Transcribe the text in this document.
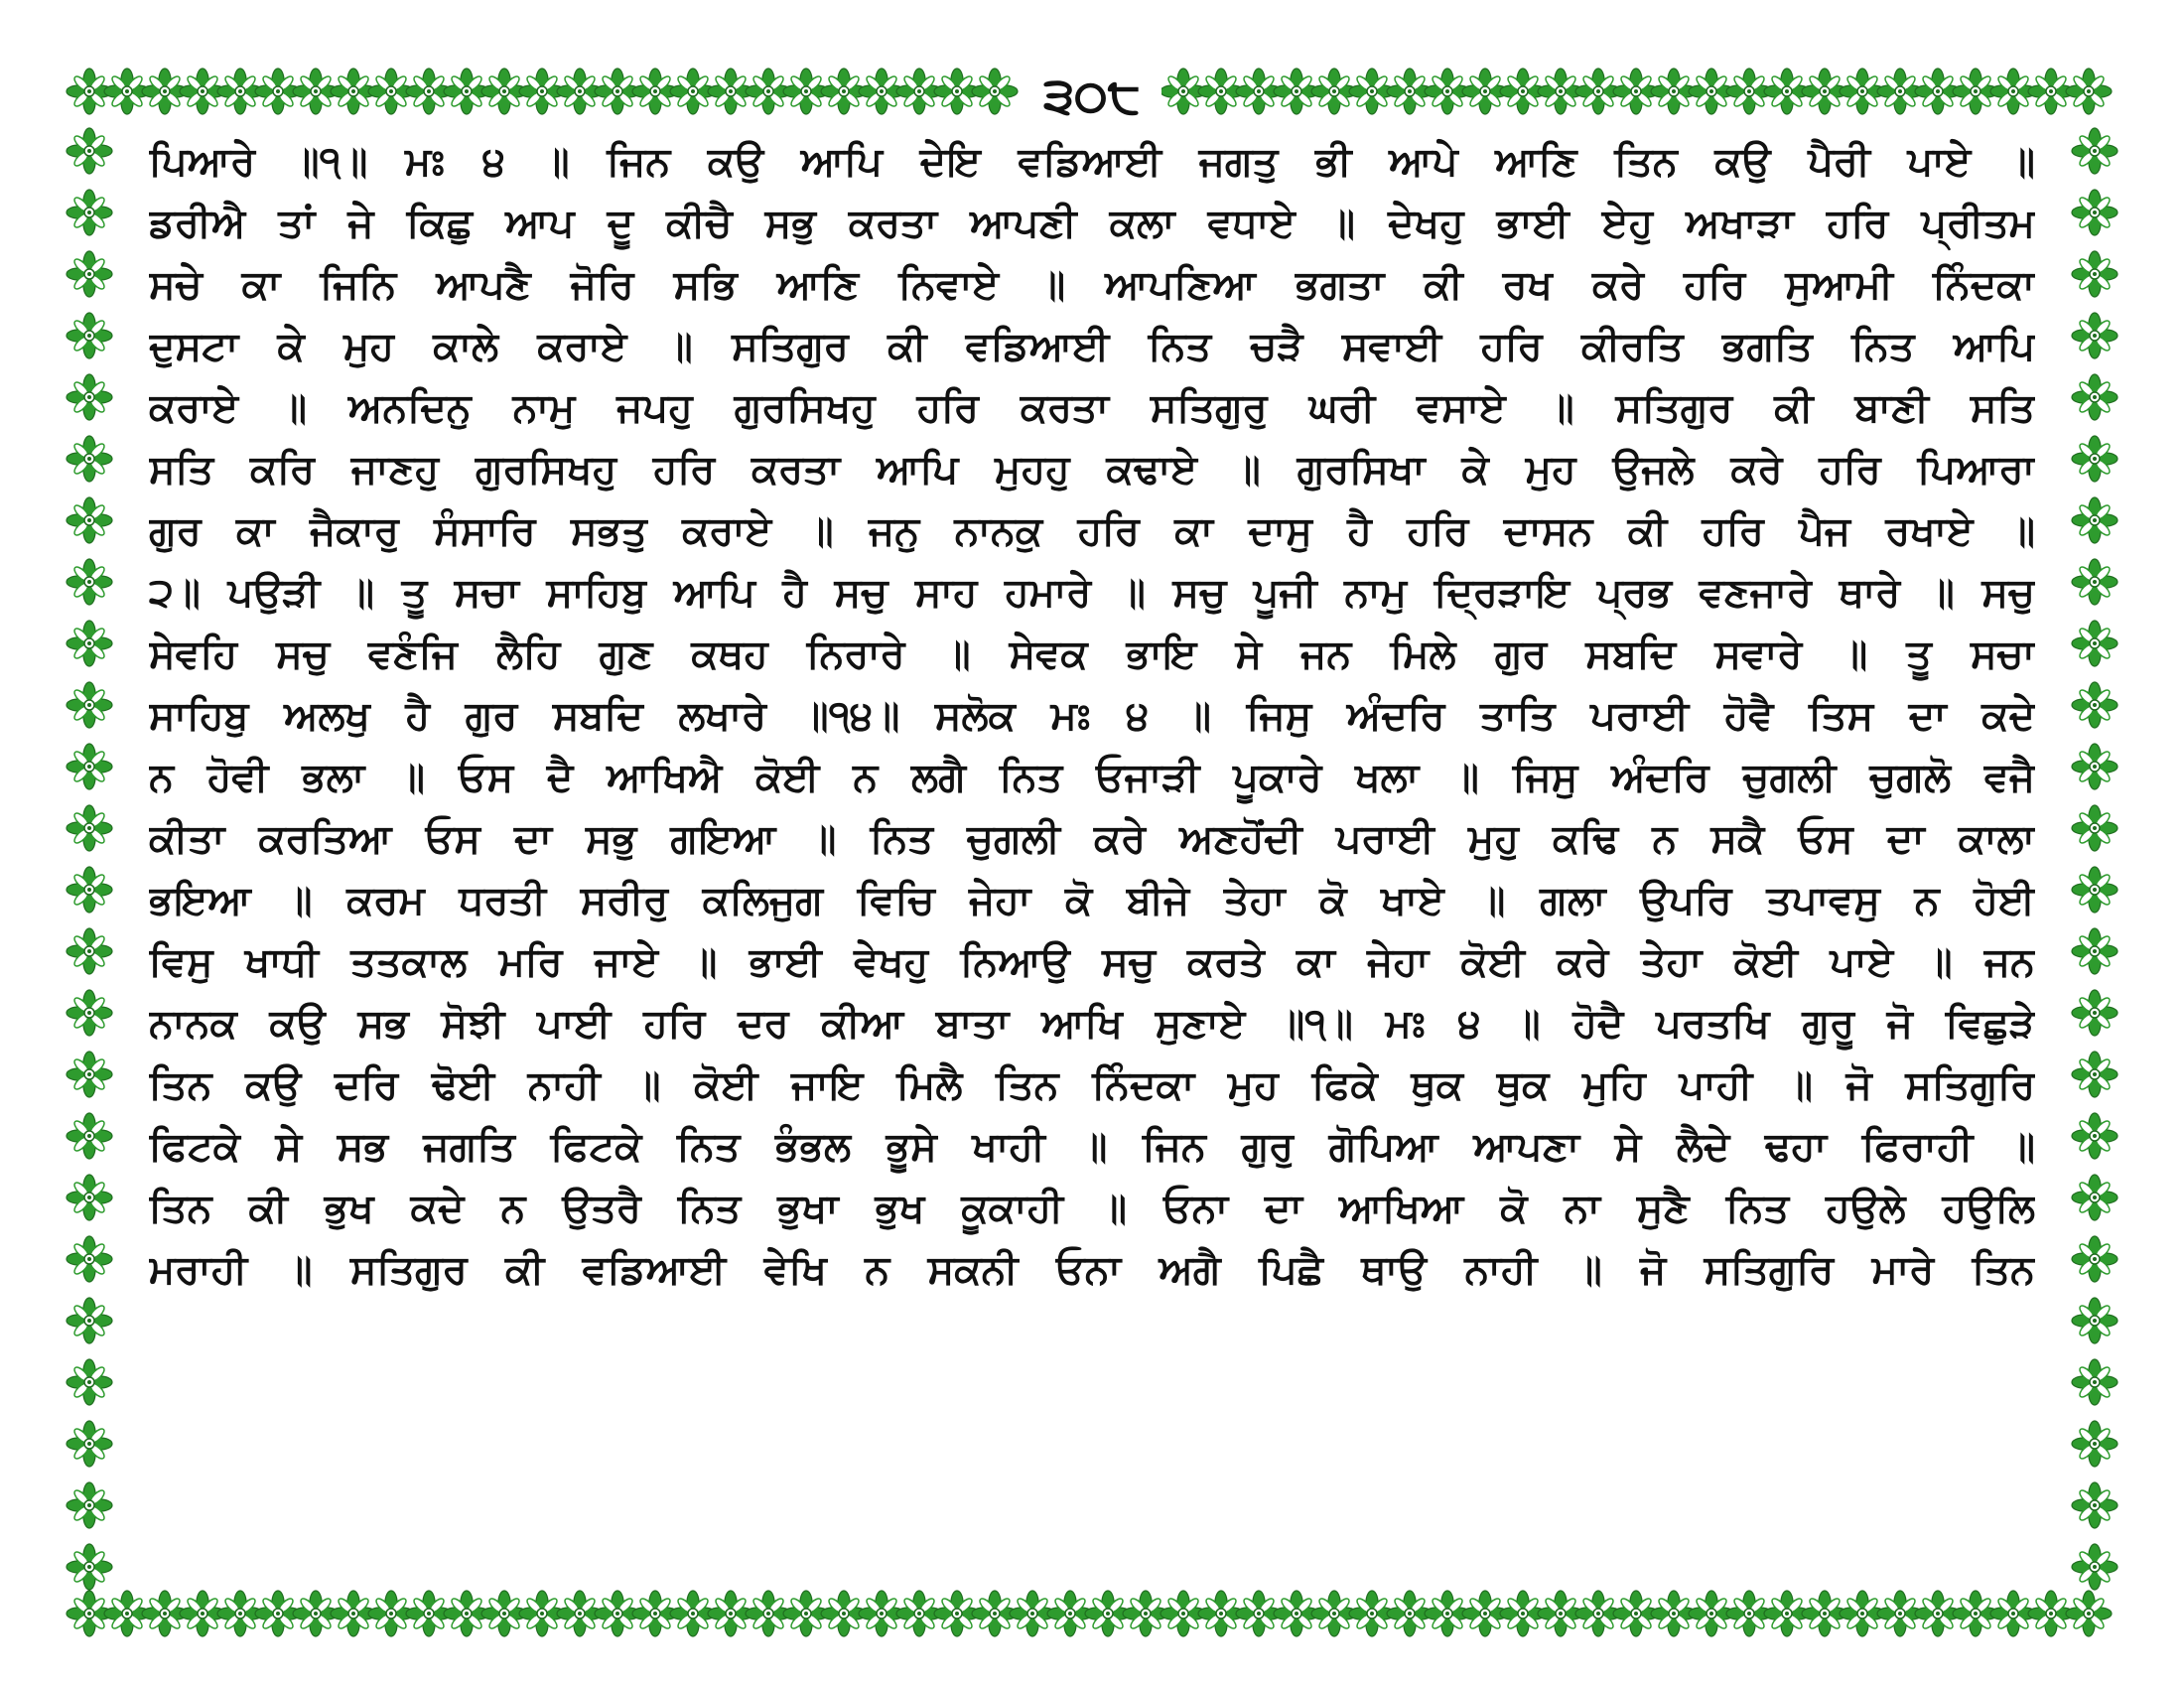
੩੦੮
ਪਿਆਰੇ ॥੧॥ ਮਃ ੪ ॥ ਜਿਨ ਕਉ ਆਪਿ ਦੇਇ ਵਡਿਆਈ ਜਗਤੁ ਭੀ ਆਪੇ ਆਣਿ ਤਿਨ ਕਉ ਪੈਰੀ ਪਾਏ ॥
ਡਰੀਐ ਤਾਂ ਜੇ ਕਿਛੁ ਆਪ ਦੂ ਕੀਚੈ ਸਭੁ ਕਰਤਾ ਆਪਣੀ ਕਲਾ ਵਧਾਏ ॥ ਦੇਖਹੁ ਭਾਈ ਏਹੁ ਅਖਾੜਾ ਹਰਿ ਪ੍ਰੀਤਮ
ਸਚੇ ਕਾ ਜਿਨਿ ਆਪਣੈ ਜੋਰਿ ਸਭਿ ਆਣਿ ਨਿਵਾਏ ॥ ਆਪਣਿਆ ਭਗਤਾ ਕੀ ਰਖ ਕਰੇ ਹਰਿ ਸੁਆਮੀ ਨਿੰਦਕਾ
ਦੁਸਟਾ ਕੇ ਮੁਹ ਕਾਲੇ ਕਰਾਏ ॥ ਸਤਿਗੁਰ ਕੀ ਵਡਿਆਈ ਨਿਤ ਚੜੈ ਸਵਾਈ ਹਰਿ ਕੀਰਤਿ ਭਗਤਿ ਨਿਤ ਆਪਿ
ਕਰਾਏ ॥ ਅਨਦਿਨੁ ਨਾਮੁ ਜਪਹੁ ਗੁਰਸਿਖਹੁ ਹਰਿ ਕਰਤਾ ਸਤਿਗੁਰੁ ਘਰੀ ਵਸਾਏ ॥ ਸਤਿਗੁਰ ਕੀ ਬਾਣੀ ਸਤਿ
ਸਤਿ ਕਰਿ ਜਾਣਹੁ ਗੁਰਸਿਖਹੁ ਹਰਿ ਕਰਤਾ ਆਪਿ ਮੁਹਹੁ ਕਢਾਏ ॥ ਗੁਰਸਿਖਾ ਕੇ ਮੁਹ ਉਜਲੇ ਕਰੇ ਹਰਿ ਪਿਆਰਾ
ਗੁਰ ਕਾ ਜੈਕਾਰੁ ਸੰਸਾਰਿ ਸਭਤੁ ਕਰਾਏ ॥ ਜਨੁ ਨਾਨਕੁ ਹਰਿ ਕਾ ਦਾਸੁ ਹੈ ਹਰਿ ਦਾਸਨ ਕੀ ਹਰਿ ਪੈਜ ਰਖਾਏ ॥
੨॥ ਪਉੜੀ ॥ ਤੂ ਸਚਾ ਸਾਹਿਬੁ ਆਪਿ ਹੈ ਸਚੁ ਸਾਹ ਹਮਾਰੇ ॥ ਸਚੁ ਪੂਜੀ ਨਾਮੁ ਦ੍ਰਿੜਾਇ ਪ੍ਰਭ ਵਣਜਾਰੇ ਥਾਰੇ ॥ ਸਚੁ
ਸੇਵਹਿ ਸਚੁ ਵਣੰਜਿ ਲੈਹਿ ਗੁਣ ਕਥਹ ਨਿਰਾਰੇ ॥ ਸੇਵਕ ਭਾਇ ਸੇ ਜਨ ਮਿਲੇ ਗੁਰ ਸਬਦਿ ਸਵਾਰੇ ॥ ਤੂ ਸਚਾ
ਸਾਹਿਬੁ ਅਲਖੁ ਹੈ ਗੁਰ ਸਬਦਿ ਲਖਾਰੇ ॥੧੪॥ ਸਲੋਕ ਮਃ ੪ ॥ ਜਿਸੁ ਅੰਦਰਿ ਤਾਤਿ ਪਰਾਈ ਹੋਵੈ ਤਿਸ ਦਾ ਕਦੇ
ਨ ਹੋਵੀ ਭਲਾ ॥ ਓਸ ਦੈ ਆਖਿਐ ਕੋਈ ਨ ਲਗੈ ਨਿਤ ਓਜਾੜੀ ਪੂਕਾਰੇ ਖਲਾ ॥ ਜਿਸੁ ਅੰਦਰਿ ਚੁਗਲੀ ਚੁਗਲੋ ਵਜੈ
ਕੀਤਾ ਕਰਤਿਆ ਓਸ ਦਾ ਸਭੁ ਗਇਆ ॥ ਨਿਤ ਚੁਗਲੀ ਕਰੇ ਅਣਹੋਂਦੀ ਪਰਾਈ ਮੁਹੁ ਕਢਿ ਨ ਸਕੈ ਓਸ ਦਾ ਕਾਲਾ
ਭਇਆ ॥ ਕਰਮ ਧਰਤੀ ਸਰੀਰੁ ਕਲਿਜੁਗ ਵਿਚਿ ਜੇਹਾ ਕੋ ਬੀਜੇ ਤੇਹਾ ਕੋ ਖਾਏ ॥ ਗਲਾ ਉਪਰਿ ਤਪਾਵਸੁ ਨ ਹੋਈ
ਵਿਸੁ ਖਾਧੀ ਤਤਕਾਲ ਮਰਿ ਜਾਏ ॥ ਭਾਈ ਵੇਖਹੁ ਨਿਆਉ ਸਚੁ ਕਰਤੇ ਕਾ ਜੇਹਾ ਕੋਈ ਕਰੇ ਤੇਹਾ ਕੋਈ ਪਾਏ ॥ ਜਨ
ਨਾਨਕ ਕਉ ਸਭ ਸੋਝੀ ਪਾਈ ਹਰਿ ਦਰ ਕੀਆ ਬਾਤਾ ਆਖਿ ਸੁਣਾਏ ॥੧॥ ਮਃ ੪ ॥ ਹੋਦੈ ਪਰਤਖਿ ਗੁਰੂ ਜੋ ਵਿਛੁੜੇ
ਤਿਨ ਕਉ ਦਰਿ ਢੋਈ ਨਾਹੀ ॥ ਕੋਈ ਜਾਇ ਮਿਲੈ ਤਿਨ ਨਿੰਦਕਾ ਮੁਹ ਫਿਕੇ ਥੁਕ ਥੁਕ ਮੁਹਿ ਪਾਹੀ ॥ ਜੋ ਸਤਿਗੁਰਿ
ਫਿਟਕੇ ਸੇ ਸਭ ਜਗਤਿ ਫਿਟਕੇ ਨਿਤ ਭੰਭਲ ਭੂਸੇ ਖਾਹੀ ॥ ਜਿਨ ਗੁਰੁ ਗੋਪਿਆ ਆਪਣਾ ਸੇ ਲੈਦੇ ਢਹਾ ਫਿਰਾਹੀ ॥
ਤਿਨ ਕੀ ਭੁਖ ਕਦੇ ਨ ਉਤਰੈ ਨਿਤ ਭੁਖਾ ਭੁਖ ਕੂਕਾਹੀ ॥ ਓਨਾ ਦਾ ਆਖਿਆ ਕੋ ਨਾ ਸੁਣੈ ਨਿਤ ਹਉਲੇ ਹਉਲਿ
ਮਰਾਹੀ ॥ ਸਤਿਗੁਰ ਕੀ ਵਡਿਆਈ ਵੇਖਿ ਨ ਸਕਨੀ ਓਨਾ ਅਗੈ ਪਿਛੈ ਥਾਉ ਨਾਹੀ ॥ ਜੋ ਸਤਿਗੁਰਿ ਮਾਰੇ ਤਿਨ
